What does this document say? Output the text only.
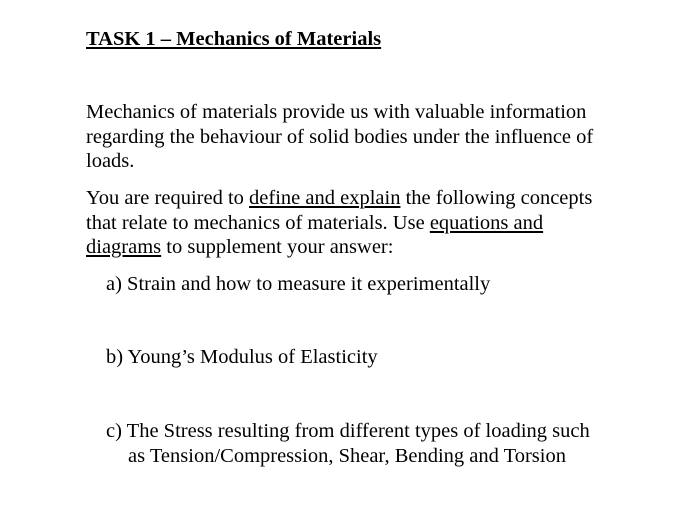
TASK 1 – Mechanics of Materials
Mechanics of materials provide us with valuable information
regarding the behaviour of solid bodies under the influence of
loads.
You are required to define and explain the following concepts
that relate to mechanics of materials. Use equations and
diagrams to supplement your answer:
a) Strain and how to measure it experimentally
b) Young’s Modulus of Elasticity
c) The Stress resulting from different types of loading such
as Tension/Compression, Shear, Bending and Torsion
